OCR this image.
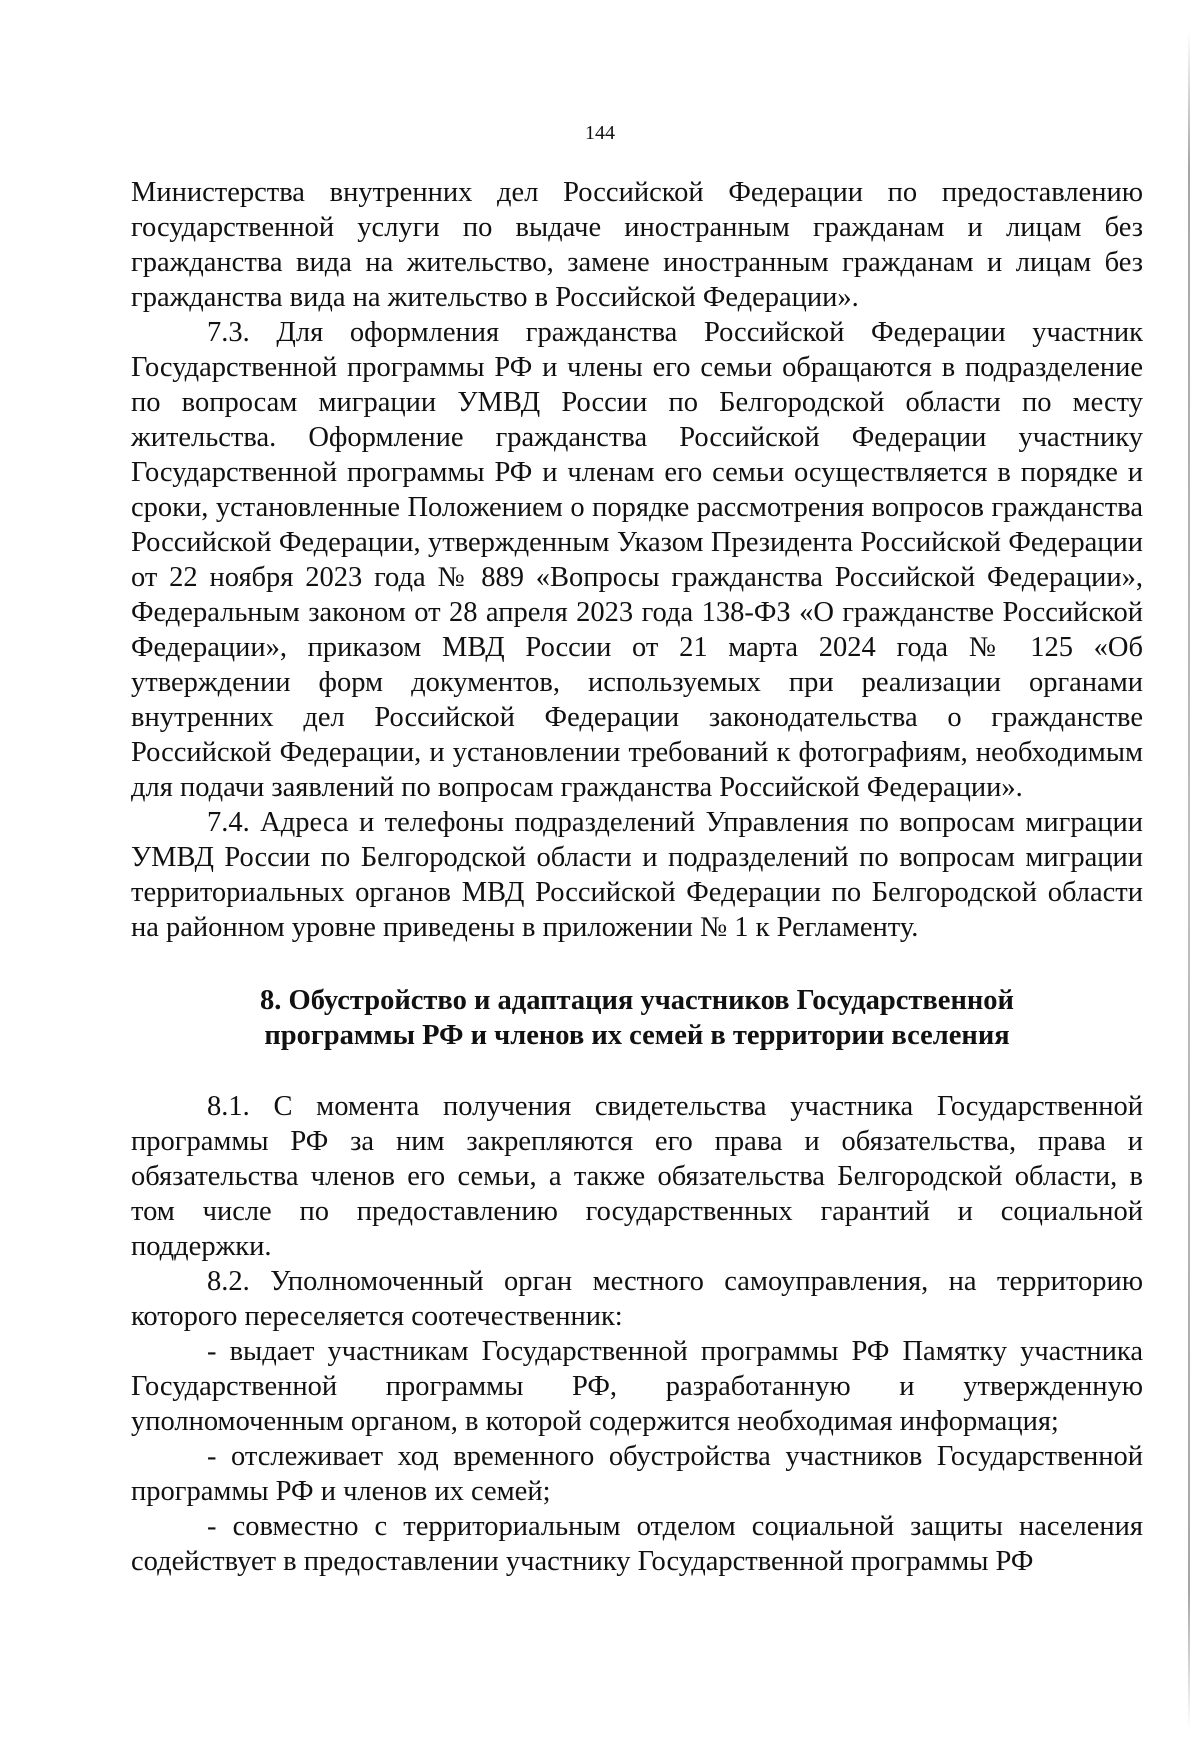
144

Министерства внутренних дел Российской Федерации по предоставлению государственной услуги по выдаче иностранным гражданам и лицам без гражданства вида на жительство, замене иностранным гражданам и лицам без гражданства вида на жительство в Российской Федерации».

7.3. Для оформления гражданства Российской Федерации участник Государственной программы РФ и члены его семьи обращаются в подразделение по вопросам миграции УМВД России по Белгородской области по месту жительства. Оформление гражданства Российской Федерации участнику Государственной программы РФ и членам его семьи осуществляется в порядке и сроки, установленные Положением о порядке рассмотрения вопросов гражданства Российской Федерации, утвержденным Указом Президента Российской Федерации от 22 ноября 2023 года № 889 «Вопросы гражданства Российской Федерации», Федеральным законом от 28 апреля 2023 года 138-ФЗ «О гражданстве Российской Федерации», приказом МВД России от 21 марта 2024 года № 125 «Об утверждении форм документов, используемых при реализации органами внутренних дел Российской Федерации законодательства о гражданстве Российской Федерации, и установлении требований к фотографиям, необходимым для подачи заявлений по вопросам гражданства Российской Федерации».

7.4. Адреса и телефоны подразделений Управления по вопросам миграции УМВД России по Белгородской области и подразделений по вопросам миграции территориальных органов МВД Российской Федерации по Белгородской области на районном уровне приведены в приложении № 1 к Регламенту.

8. Обустройство и адаптация участников Государственной
программы РФ и членов их семей в территории вселения

8.1. С момента получения свидетельства участника Государственной программы РФ за ним закрепляются его права и обязательства, права и обязательства членов его семьи, а также обязательства Белгородской области, в том числе по предоставлению государственных гарантий и социальной поддержки.

8.2. Уполномоченный орган местного самоуправления, на территорию которого переселяется соотечественник:

- выдает участникам Государственной программы РФ Памятку участника Государственной программы РФ, разработанную и утвержденную уполномоченным органом, в которой содержится необходимая информация;

- отслеживает ход временного обустройства участников Государственной программы РФ и членов их семей;

- совместно с территориальным отделом социальной защиты населения содействует в предоставлении участнику Государственной программы РФ
